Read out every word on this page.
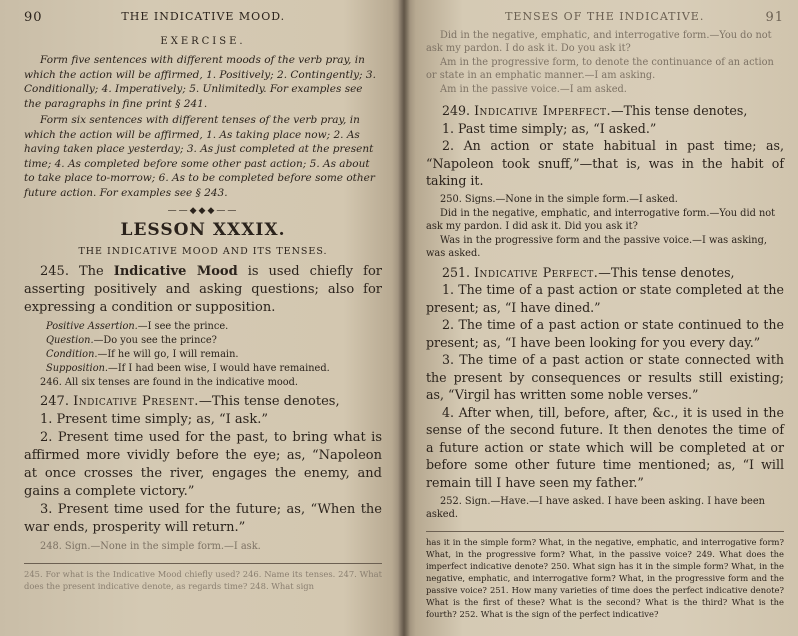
90	THE INDICATIVE MOOD.
EXERCISE.

Form five sentences with different moods of the verb pray, in which the action will be affirmed, 1. Positively; 2. Contingently; 3. Conditionally; 4. Imperatively; 5. Unlimitedly. For examples see the paragraphs in fine print § 241.

Form six sentences with different tenses of the verb pray, in which the action will be affirmed, 1. As taking place now; 2. As having taken place yesterday; 3. As just completed at the present time; 4. As completed before some other past action; 5. As about to take place to-morrow; 6. As to be completed before some other future action. For examples see § 243.

——◆◆◆——
LESSON XXXIX.
THE INDICATIVE MOOD AND ITS TENSES.

245. The Indicative Mood is used chiefly for asserting positively and asking questions; also for expressing a condition or supposition.

Positive Assertion.—I see the prince.
Question.—Do you see the prince?
Condition.—If he will go, I will remain.
Supposition.—If I had been wise, I would have remained.
246. All six tenses are found in the indicative mood.

247. Indicative Present.—This tense denotes,

1. Present time simply; as, “I ask.”

2. Present time used for the past, to bring what is affirmed more vividly before the eye; as, “Napoleon at once crosses the river, engages the enemy, and gains a complete victory.”

3. Present time used for the future; as, “When the war ends, prosperity will return.”

248. Sign.—None in the simple form.—I ask.
245. For what is the Indicative Mood chiefly used? 246. Name its tenses. 247. What does the present indicative denote, as regards time? 248. What sign
TENSES OF THE INDICATIVE.	91
Did in the negative, emphatic, and interrogative form.—You do not ask my pardon. I do ask it. Do you ask it?
Am in the progressive form, to denote the continuance of an action or state in an emphatic manner.—I am asking.
Am in the passive voice.—I am asked.

249. Indicative Imperfect.—This tense denotes,

1. Past time simply; as, “I asked.”

2. An action or state habitual in past time; as, “Napoleon took snuff,”—that is, was in the habit of taking it.

250. Signs.—None in the simple form.—I asked.
Did in the negative, emphatic, and interrogative form.—You did not ask my pardon. I did ask it. Did you ask it?
Was in the progressive form and the passive voice.—I was asking, was asked.

251. Indicative Perfect.—This tense denotes,

1. The time of a past action or state completed at the present; as, “I have dined.”

2. The time of a past action or state continued to the present; as, “I have been looking for you every day.”

3. The time of a past action or state connected with the present by consequences or results still existing; as, “Virgil has written some noble verses.”

4. After when, till, before, after, &c., it is used in the sense of the second future. It then denotes the time of a future action or state which will be completed at or before some other future time mentioned; as, “I will remain till I have seen my father.”

252. Sign.—Have.—I have asked. I have been asking. I have been asked.
has it in the simple form? What, in the negative, emphatic, and interrogative form? What, in the progressive form? What, in the passive voice? 249. What does the imperfect indicative denote? 250. What sign has it in the simple form? What, in the negative, emphatic, and interrogative form? What, in the progressive form and the passive voice? 251. How many varieties of time does the perfect indicative denote? What is the first of these? What is the second? What is the third? What is the fourth? 252. What is the sign of the perfect indicative?
